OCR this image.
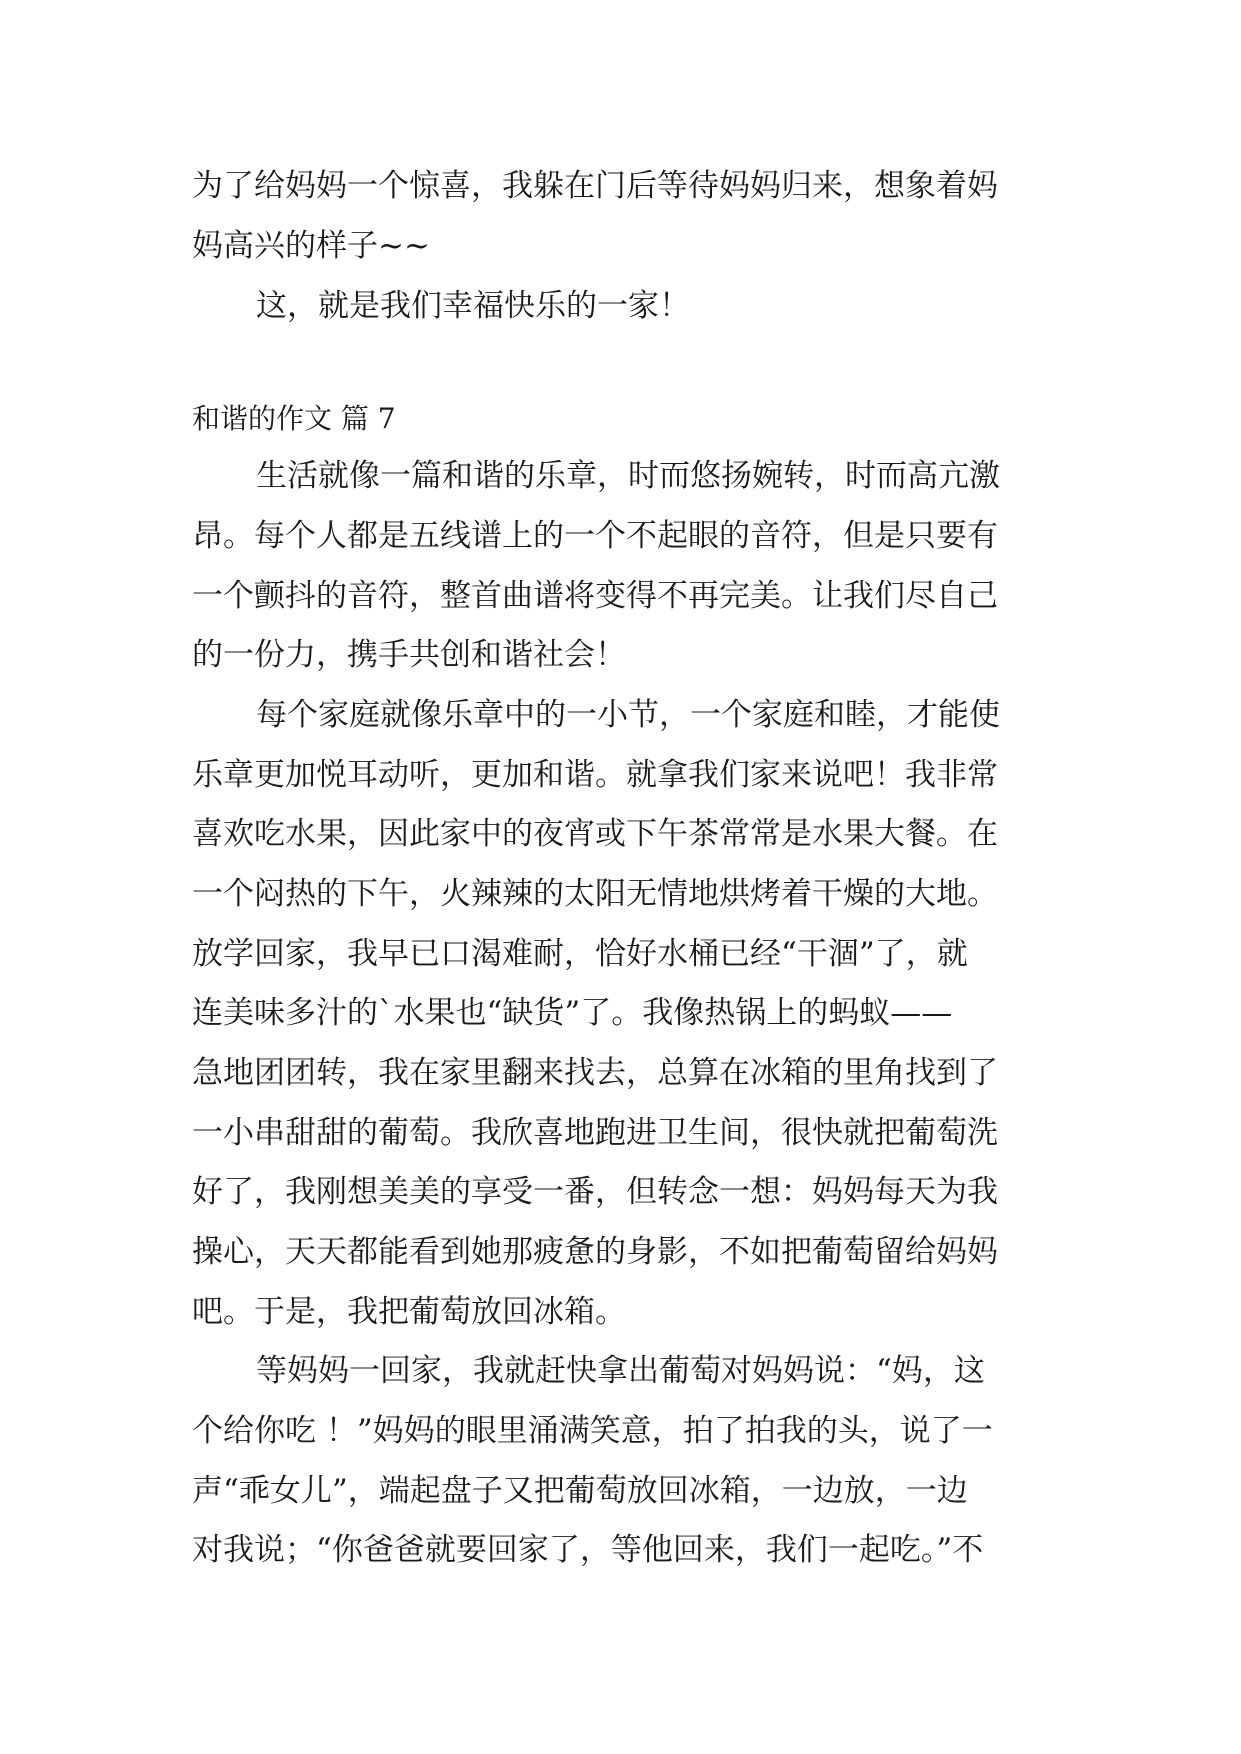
为了给妈妈一个惊喜，我躲在门后等待妈妈归来，想象着妈
妈高兴的样子~~
这，就是我们幸福快乐的一家！
和谐的作文 篇 7
生活就像一篇和谐的乐章，时而悠扬婉转，时而高亢激
昂。每个人都是五线谱上的一个不起眼的音符，但是只要有
一个颤抖的音符，整首曲谱将变得不再完美。让我们尽自己
的一份力，携手共创和谐社会！
每个家庭就像乐章中的一小节，一个家庭和睦，才能使
乐章更加悦耳动听，更加和谐。就拿我们家来说吧！我非常
喜欢吃水果，因此家中的夜宵或下午茶常常是水果大餐。在
一个闷热的下午，火辣辣的太阳无情地烘烤着干燥的大地。
放学回家，我早已口渴难耐，恰好水桶已经“干涸”了，就
连美味多汁的`水果也“缺货”了。我像热锅上的蚂蚁——
急地团团转，我在家里翻来找去，总算在冰箱的里角找到了
一小串甜甜的葡萄。我欣喜地跑进卫生间，很快就把葡萄洗
好了，我刚想美美的享受一番，但转念一想：妈妈每天为我
操心，天天都能看到她那疲惫的身影，不如把葡萄留给妈妈
吧。于是，我把葡萄放回冰箱。
等妈妈一回家，我就赶快拿出葡萄对妈妈说：“妈，这
个给你吃 ！”妈妈的眼里涌满笑意，拍了拍我的头，说了一
声“乖女儿”，端起盘子又把葡萄放回冰箱，一边放，一边
对我说；“你爸爸就要回家了，等他回来，我们一起吃。”不
